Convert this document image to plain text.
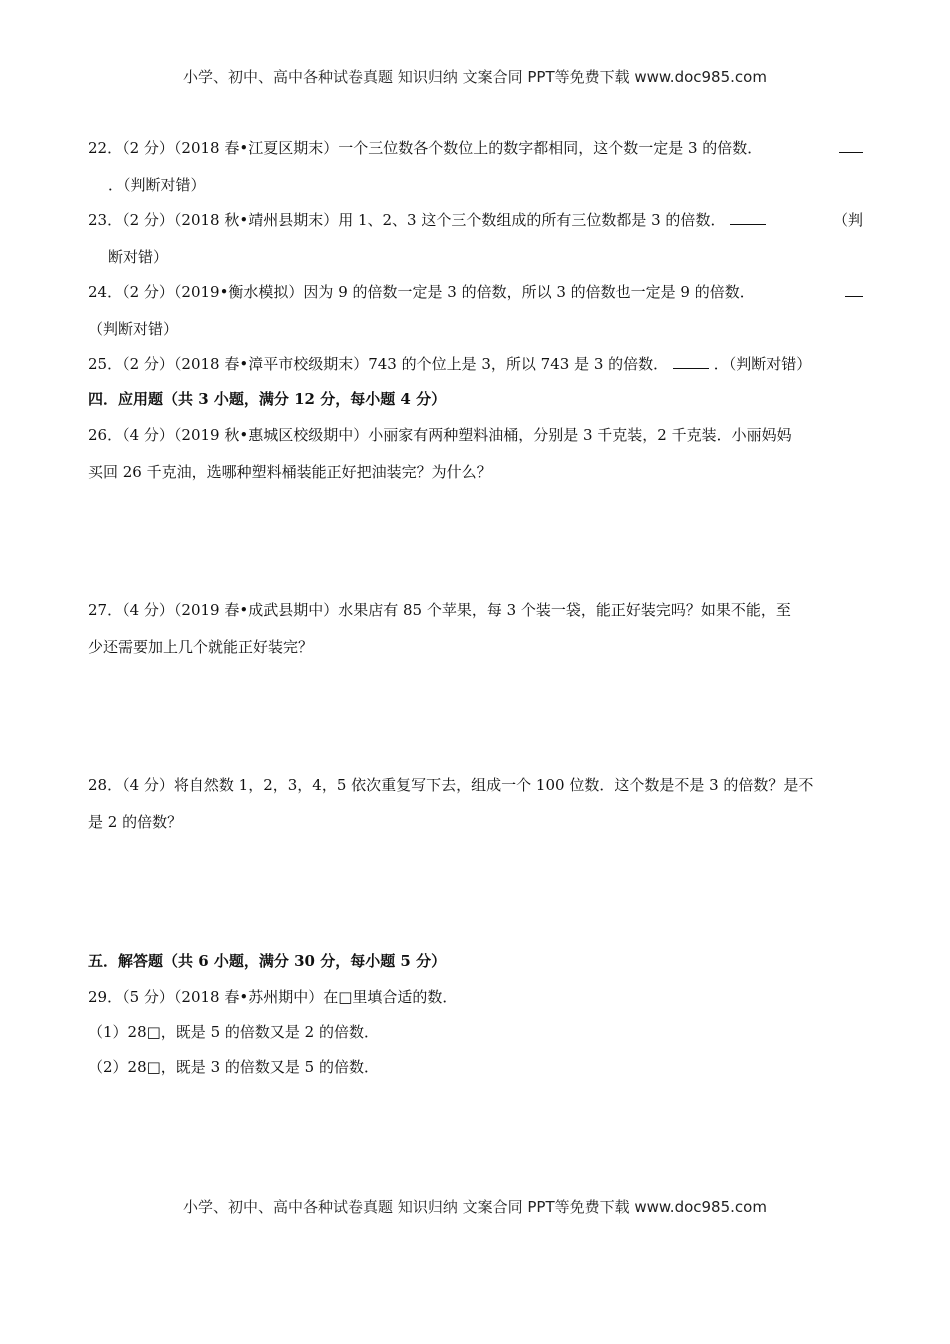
小学、初中、高中各种试卷真题 知识归纳 文案合同 PPT等免费下载 www.doc985.com
22．（2 分）（2018 春•江夏区期末）一个三位数各个数位上的数字都相同，这个数一定是 3 的倍数．
．（判断对错）
23．（2 分）（2018 秋•靖州县期末）用 1、2、3 这个三个数组成的所有三位数都是 3 的倍数．	（判
断对错）
24．（2 分）（2019•衡水模拟）因为 9 的倍数一定是 3 的倍数，所以 3 的倍数也一定是 9 的倍数．
（判断对错）
25．（2 分）（2018 春•漳平市校级期末）743 的个位上是 3，所以 743 是 3 的倍数．	．（判断对错）
四．应用题（共 3 小题，满分 12 分，每小题 4 分）
26．（4 分）（2019 秋•惠城区校级期中）小丽家有两种塑料油桶，分别是 3 千克装，2 千克装．小丽妈妈
买回 26 千克油，选哪种塑料桶装能正好把油装完？为什么？
27．（4 分）（2019 春•成武县期中）水果店有 85 个苹果，每 3 个装一袋，能正好装完吗？如果不能，至
少还需要加上几个就能正好装完？
28．（4 分）将自然数 1，2，3，4，5 依次重复写下去，组成一个 100 位数．这个数是不是 3 的倍数？是不
是 2 的倍数？
五．解答题（共 6 小题，满分 30 分，每小题 5 分）
29．（5 分）（2018 春•苏州期中）在□里填合适的数．
（1）28□，既是 5 的倍数又是 2 的倍数．
（2）28□，既是 3 的倍数又是 5 的倍数．
小学、初中、高中各种试卷真题 知识归纳 文案合同 PPT等免费下载 www.doc985.com
